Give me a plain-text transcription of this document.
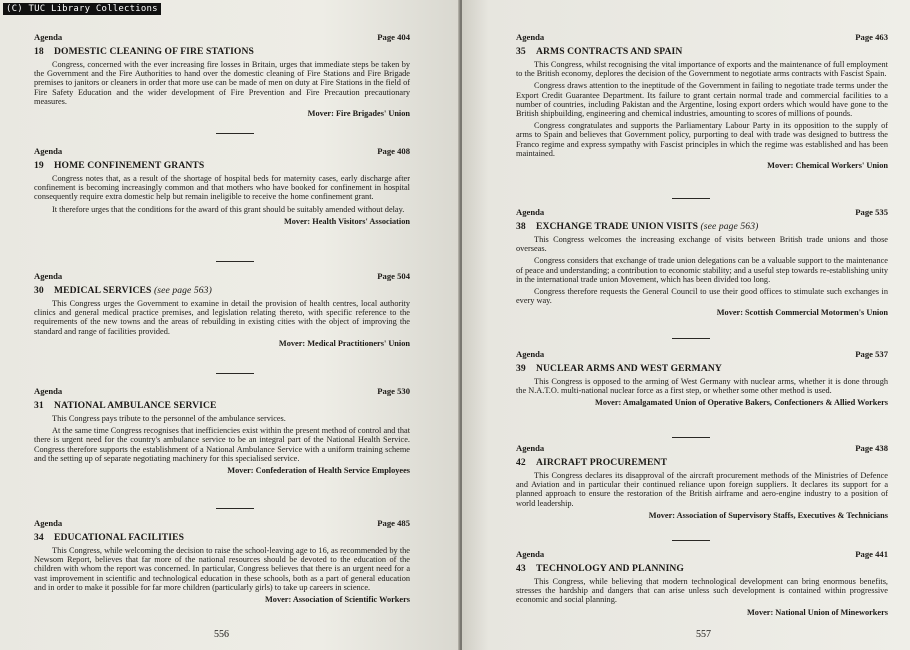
(C) TUC Library Collections
Agenda	Page 404
18 DOMESTIC CLEANING OF FIRE STATIONS

Congress, concerned with the ever increasing fire losses in Britain, urges that immediate steps be taken by the Government and the Fire Authorities to hand over the domestic cleaning of Fire Stations and Fire Brigade premises to janitors or cleaners in order that more use can be made of men on duty at Fire Stations in the field of Fire Safety Education and the wider development of Fire Prevention and Fire Precaution precautionary measures.

Mover: Fire Brigades' Union
Agenda	Page 408
19 HOME CONFINEMENT GRANTS

Congress notes that, as a result of the shortage of hospital beds for maternity cases, early discharge after confinement is becoming increasingly common and that mothers who have booked for confinement in hospital consequently require extra domestic help but remain ineligible to receive the home confinement grant.

It therefore urges that the conditions for the award of this grant should be suitably amended without delay.

Mover: Health Visitors' Association
Agenda	Page 504
30 MEDICAL SERVICES (see page 563)

This Congress urges the Government to examine in detail the provision of health centres, local authority clinics and general medical practice premises, and legislation relating thereto, with specific reference to the requirements of the new towns and the areas of rebuilding in existing cities with the object of improving the standard and range of facilities provided.

Mover: Medical Practitioners' Union
Agenda	Page 530
31 NATIONAL AMBULANCE SERVICE

This Congress pays tribute to the personnel of the ambulance services.

At the same time Congress recognises that inefficiencies exist within the present method of control and that there is urgent need for the country's ambulance service to be an integral part of the National Health Service. Congress therefore supports the establishment of a National Ambulance Service with a uniform training scheme and the setting up of separate negotiating machinery for this specialised service.

Mover: Confederation of Health Service Employees
Agenda	Page 485
34 EDUCATIONAL FACILITIES

This Congress, while welcoming the decision to raise the school-leaving age to 16, as recommended by the Newsom Report, believes that far more of the national resources should be devoted to the education of the children with whom the report was concerned. In particular, Congress believes that there is an urgent need for a vast improvement in scientific and technological education in these schools, both as a part of general education and in order to make it possible for far more children (particularly girls) to take up careers in science.

Mover: Association of Scientific Workers
556
Agenda	Page 463
35 ARMS CONTRACTS AND SPAIN

This Congress, whilst recognising the vital importance of exports and the maintenance of full employment to the British economy, deplores the decision of the Government to negotiate arms contracts with Fascist Spain.

Congress draws attention to the ineptitude of the Government in failing to negotiate trade terms under the Export Credit Guarantee Department. Its failure to grant certain normal trade and commercial facilities to a number of countries, including Pakistan and the Argentine, losing export orders which would have gone to the British shipbuilding, engineering and chemical industries, amounting to scores of millions of pounds.

Congress congratulates and supports the Parliamentary Labour Party in its opposition to the supply of arms to Spain and believes that Government policy, purporting to deal with trade was designed to buttress the Franco regime and express sympathy with Fascist principles in which the regime was established and has been maintained.

Mover: Chemical Workers' Union
Agenda	Page 535
38 EXCHANGE TRADE UNION VISITS (see page 563)

This Congress welcomes the increasing exchange of visits between British trade unions and those overseas.

Congress considers that exchange of trade union delegations can be a valuable support to the maintenance of peace and understanding; a contribution to economic stability; and a useful step towards re-establishing unity in the international trade union Movement, which has been divided too long.

Congress therefore requests the General Council to use their good offices to stimulate such exchanges in every way.

Mover: Scottish Commercial Motormen's Union
Agenda	Page 537
39 NUCLEAR ARMS AND WEST GERMANY

This Congress is opposed to the arming of West Germany with nuclear arms, whether it is done through the N.A.T.O. multi-national nuclear force as a first step, or whether some other method is used.

Mover: Amalgamated Union of Operative Bakers, Confectioners & Allied Workers
Agenda	Page 438
42 AIRCRAFT PROCUREMENT

This Congress declares its disapproval of the aircraft procurement methods of the Ministries of Defence and Aviation and in particular their continued reliance upon foreign suppliers. It declares its support for a planned approach to ensure the restoration of the British airframe and aero-engine industry to a position of world leadership.

Mover: Association of Supervisory Staffs, Executives & Technicians
Agenda	Page 441
43 TECHNOLOGY AND PLANNING

This Congress, while believing that modern technological development can bring enormous benefits, stresses the hardship and dangers that can arise unless such development is contained within progressive economic and social planning.

Mover: National Union of Mineworkers
557
